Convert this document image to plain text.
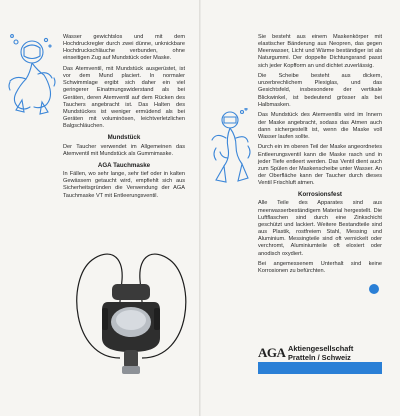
Wasser gewichtslos und mit dem Hochdruckregler durch zwei dünne, unknickbare Hochdruckschläuche verbunden, ohne einseitigen Zug auf Mundstück oder Maske.

Das Atemventil, mit Mundstück ausgerüstet, ist vor dem Mund placiert. In normaler Schwimmlage ergibt sich daher ein viel geringerer Einatmungswiderstand als bei Geräten, deren Atemventil auf dem Rücken des Tauchers angebracht ist. Das Halten des Mundstückes ist weniger ermüdend als bei Geräten mit voluminösen, leichtverletzlichen Balgschläuchen.

Mundstück

Der Taucher verwendet im Allgemeinen das Atemventil mit Mundstück als Gummimaske.

AGA Tauchmaske

In Fällen, wo sehr lange, sehr tief oder in kalten Gewässern getaucht wird, empfiehlt sich aus Sicherheitsgründen die Verwendung der AGA Tauchmaske VT mit Entleerungsventil.

Sie besteht aus einem Maskenkörper mit elastischer Bänderung aus Neopren, das gegen Meerwasser, Licht und Wärme beständiger ist als Naturgummi. Der doppelte Dichtungsrand passt sich jeder Kopfform an und dichtet zuverlässig.

Die Scheibe besteht aus dickem, unzerbrechlichem Plexiglas, und das Gesichtsfeld, insbesondere der vertikale Blickwinkel, ist bedeutend grösser als bei Halbmasken.

Das Mundstück des Atemventils wird im Innern der Maske angebracht, sodass das Atmen auch dann sichergestellt ist, wenn die Maske voll Wasser laufen sollte.

Durch ein im oberen Teil der Maske angeordnetes Entleerungsventil kann die Maske rasch und in jeder Tiefe entleert werden. Das Ventil dient auch zum Spülen der Maskenscheibe unter Wasser. An der Oberfläche kann der Taucher durch dieses Ventil Frischluft atmen.

Korrosionsfest

Alle Teile des Apparates sind aus meerwasserbeständigem Material hergestellt. Die Luftflaschen sind durch eine Zinkschicht geschützt und lackiert. Weitere Bestandteile sind aus Plastik, rostfreiem Stahl, Messing und Aluminium. Messingteile sind oft vernickelt oder verchromt, Aluminiumteile oft eloxiert oder anodisch oxydiert.

Bei angemessenem Unterhalt sind keine Korrosionen zu befürchten.

AGA Aktiengesellschaft
Pratteln / Schweiz
